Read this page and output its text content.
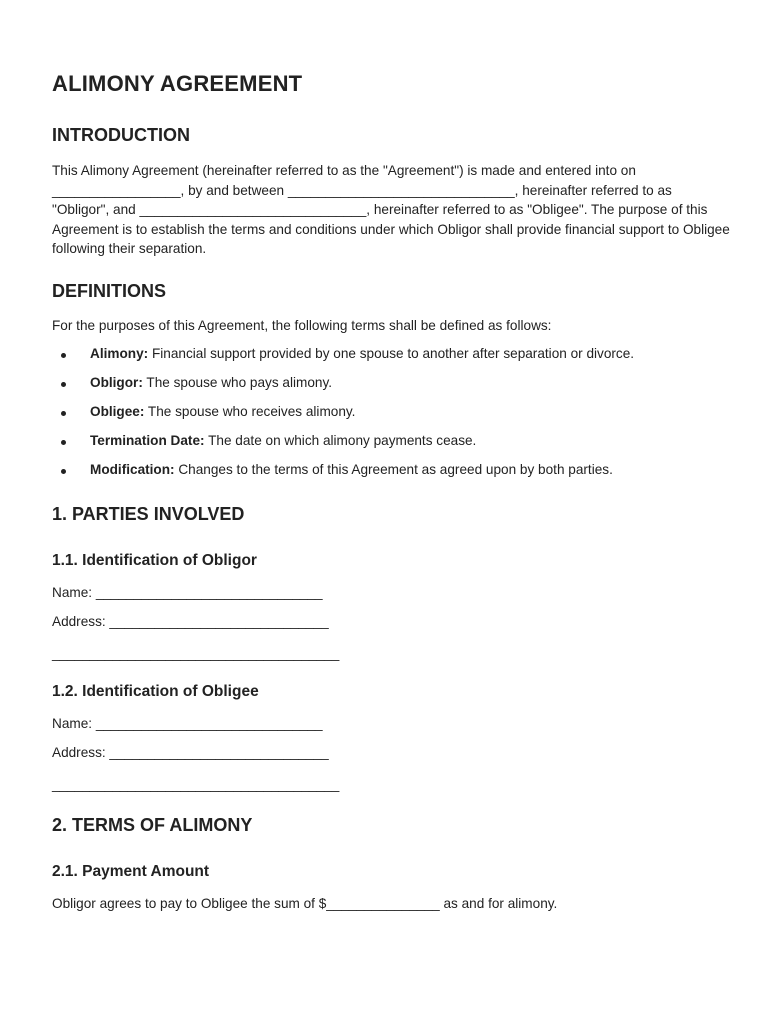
ALIMONY AGREEMENT
INTRODUCTION

This Alimony Agreement (hereinafter referred to as the "Agreement") is made and entered into on _________________, by and between ______________________________, hereinafter referred to as "Obligor", and ______________________________, hereinafter referred to as "Obligee". The purpose of this Agreement is to establish the terms and conditions under which Obligor shall provide financial support to Obligee following their separation.

DEFINITIONS

For the purposes of this Agreement, the following terms shall be defined as follows:

Alimony: Financial support provided by one spouse to another after separation or divorce.
Obligor: The spouse who pays alimony.
Obligee: The spouse who receives alimony.
Termination Date: The date on which alimony payments cease.
Modification: Changes to the terms of this Agreement as agreed upon by both parties.
1. PARTIES INVOLVED
1.1. Identification of Obligor

Name: ______________________________

Address: _____________________________

______________________________________

1.2. Identification of Obligee

Name: ______________________________

Address: _____________________________

______________________________________

2. TERMS OF ALIMONY
2.1. Payment Amount

Obligor agrees to pay to Obligee the sum of $_______________ as and for alimony.
